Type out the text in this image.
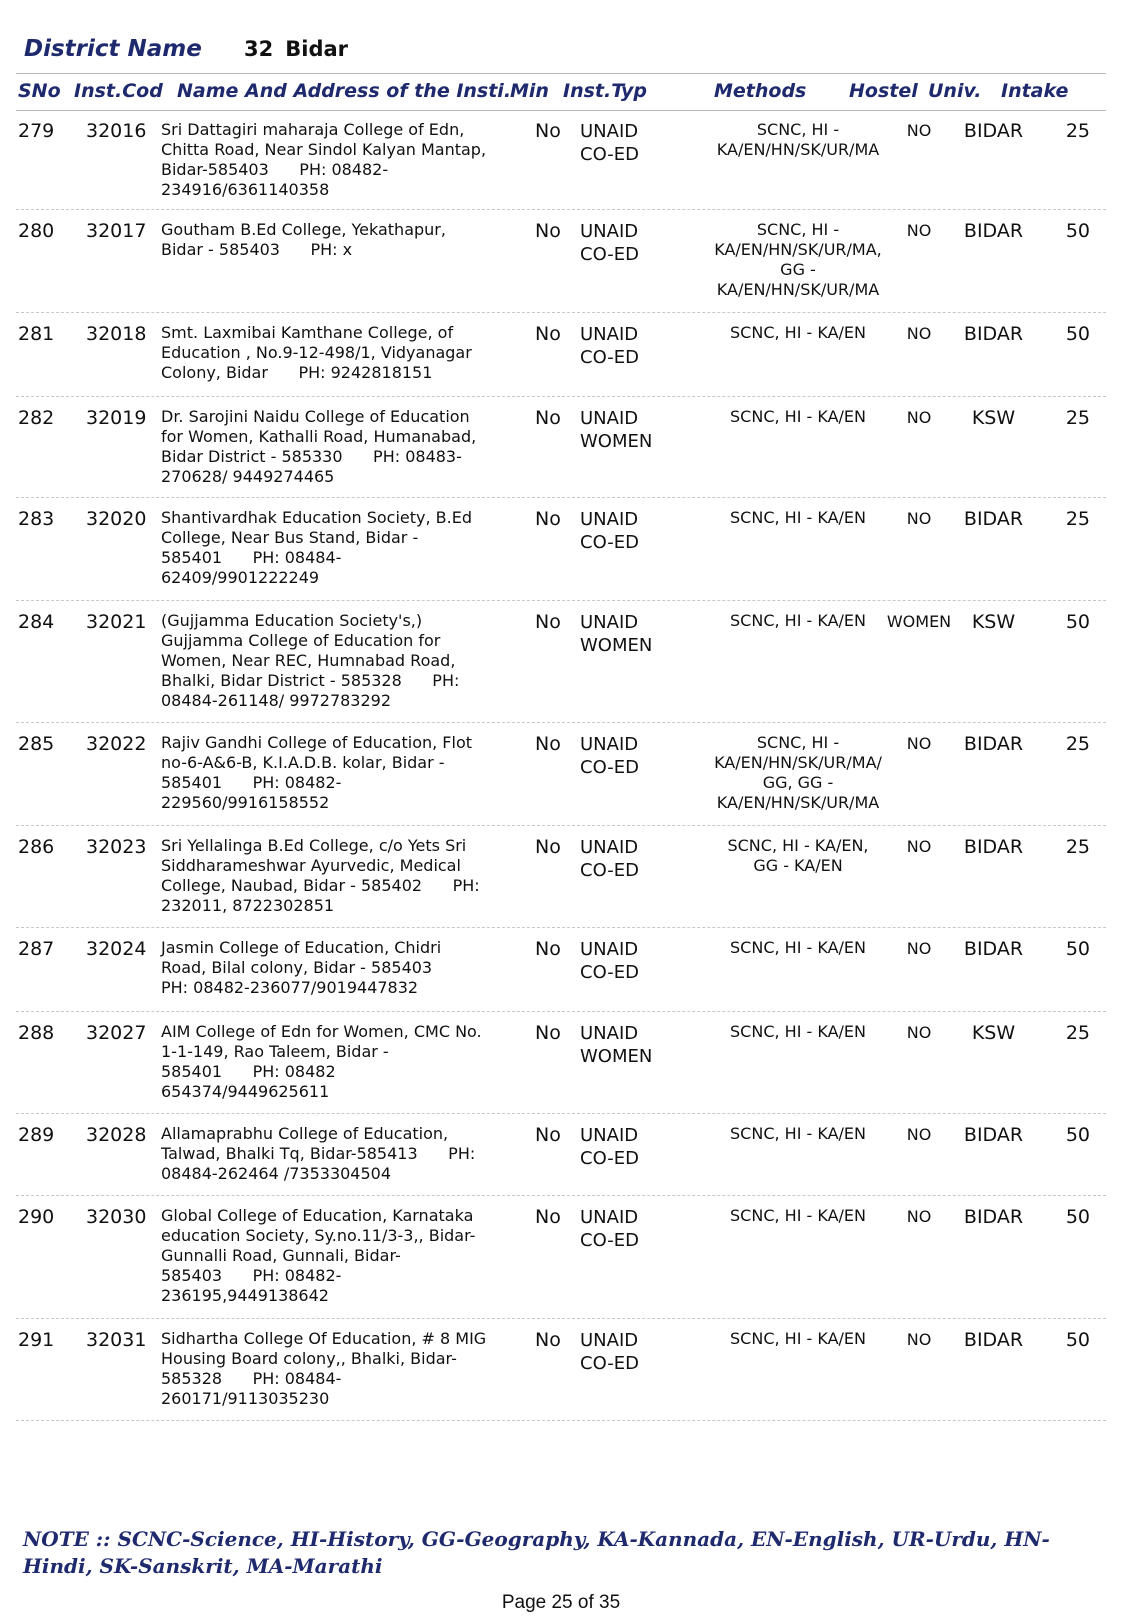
District Name	32 Bidar
SNo Inst.Cod Name And Address of the Insti.
Min Inst.Typ	Methods Hostel Univ. Intake
279 32016 Sri Dattagiri maharaja College of Edn,
Chitta Road, Near Sindol Kalyan Mantap,
Bidar-585403      PH: 08482-
234916/6361140358
No UNAID
CO-ED
SCNC, HI -
KA/EN/HN/SK/UR/MA
NO	BIDAR	25
280 32017 Goutham B.Ed College, Yekathapur,
Bidar - 585403      PH: x
No UNAID
CO-ED
SCNC, HI -
KA/EN/HN/SK/UR/MA,
GG -
KA/EN/HN/SK/UR/MA
NO	BIDAR	50
281 32018 Smt. Laxmibai Kamthane College, of
Education , No.9-12-498/1, Vidyanagar
Colony, Bidar      PH: 9242818151
No UNAID
CO-ED
SCNC, HI - KA/EN	NO	BIDAR	50
282 32019 Dr. Sarojini Naidu College of Education
for Women, Kathalli Road, Humanabad,
Bidar District - 585330      PH: 08483-
270628/ 9449274465
No UNAID
WOMEN
SCNC, HI - KA/EN	NO	KSW	25
283 32020 Shantivardhak Education Society, B.Ed
College, Near Bus Stand, Bidar -
585401      PH: 08484-
62409/9901222249
No UNAID
CO-ED
SCNC, HI - KA/EN	NO	BIDAR	25
284 32021 (Gujjamma Education Society's,)
Gujjamma College of Education for
Women, Near REC, Humnabad Road,
Bhalki, Bidar District - 585328      PH:
08484-261148/ 9972783292
No UNAID
WOMEN
SCNC, HI - KA/EN	WOMEN	KSW	50
285 32022 Rajiv Gandhi College of Education, Flot
no-6-A&6-B, K.I.A.D.B. kolar, Bidar -
585401      PH: 08482-
229560/9916158552
No UNAID
CO-ED
SCNC, HI -
KA/EN/HN/SK/UR/MA/
GG, GG -
KA/EN/HN/SK/UR/MA
NO	BIDAR	25
286 32023 Sri Yellalinga B.Ed College, c/o Yets Sri
Siddharameshwar Ayurvedic, Medical
College, Naubad, Bidar - 585402      PH:
232011, 8722302851
No UNAID
CO-ED
SCNC, HI - KA/EN,
GG - KA/EN
NO	BIDAR	25
287 32024 Jasmin College of Education, Chidri
Road, Bilal colony, Bidar - 585403
PH: 08482-236077/9019447832
No UNAID
CO-ED
SCNC, HI - KA/EN	NO	BIDAR	50
288 32027 AIM College of Edn for Women, CMC No.
1-1-149, Rao Taleem, Bidar -
585401      PH: 08482
654374/9449625611
No UNAID
WOMEN
SCNC, HI - KA/EN	NO	KSW	25
289 32028 Allamaprabhu College of Education,
Talwad, Bhalki Tq, Bidar-585413      PH:
08484-262464 /7353304504
No UNAID
CO-ED
SCNC, HI - KA/EN	NO	BIDAR	50
290 32030 Global College of Education, Karnataka
education Society, Sy.no.11/3-3,, Bidar-
Gunnalli Road, Gunnali, Bidar-
585403      PH: 08482-
236195,9449138642
No UNAID
CO-ED
SCNC, HI - KA/EN	NO	BIDAR	50
291 32031 Sidhartha College Of Education, # 8 MIG
Housing Board colony,, Bhalki, Bidar-
585328      PH: 08484-
260171/9113035230
No UNAID
CO-ED
SCNC, HI - KA/EN	NO	BIDAR	50
NOTE :: SCNC-Science, HI-History, GG-Geography, KA-Kannada, EN-English, UR-Urdu, HN-Hindi, SK-Sanskrit, MA-Marathi
Page 25 of 35
